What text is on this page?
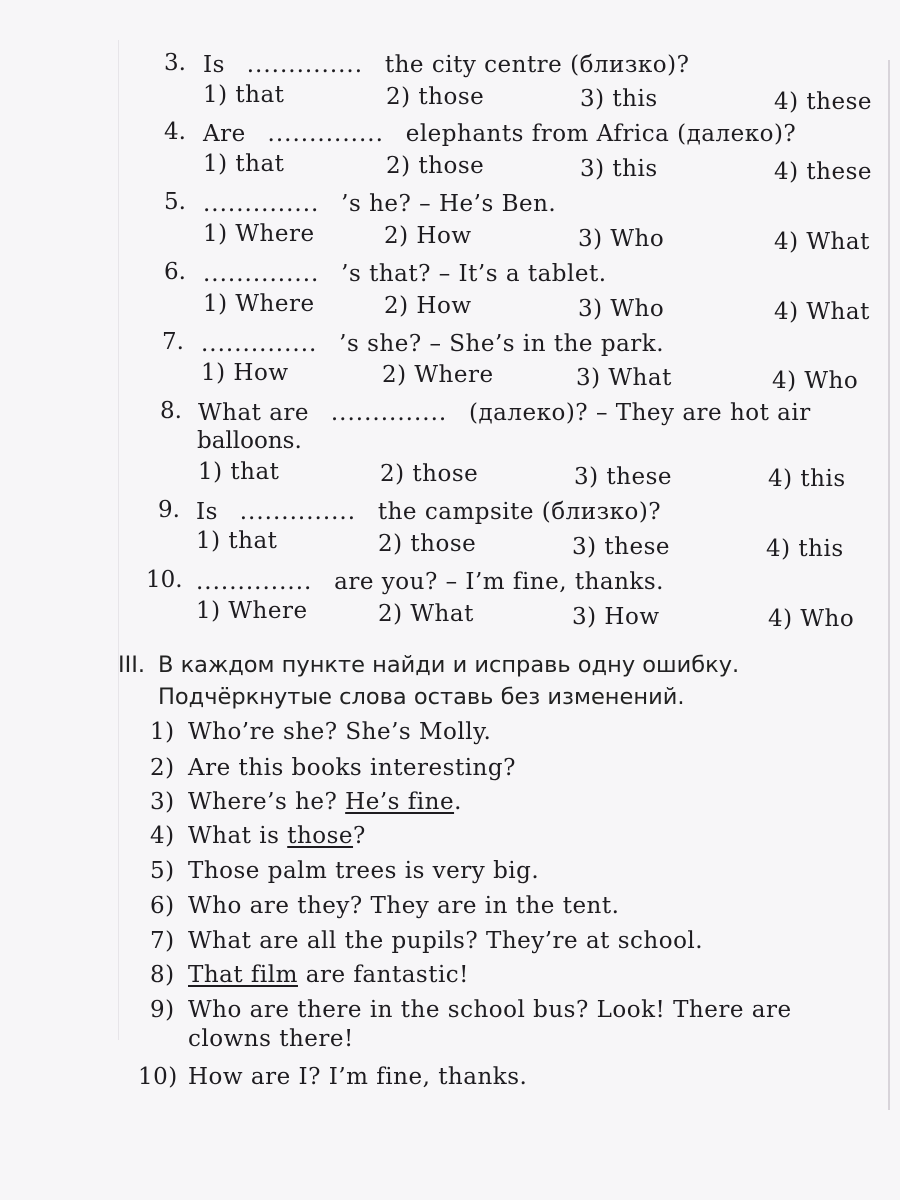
3. Is .............. the city centre (близко)?
1) that	2) those	3) this	4) these
4. Are .............. elephants from Africa (далеко)?
1) that	2) those	3) this	4) these
5. .............. ’s he? – He’s Ben.
1) Where	2) How	3) Who	4) What
6. .............. ’s that? – It’s a tablet.
1) Where	2) How	3) Who	4) What
7. .............. ’s she? – She’s in the park.
1) How	2) Where	3) What	4) Who
8. What are .............. (далеко)? – They are hot air
balloons.
1) that	2) those	3) these	4) this
9. Is .............. the campsite (близко)?
1) that	2) those	3) these	4) this
10. .............. are you? – I’m fine, thanks.
1) Where	2) What	3) How	4) Who
III. В каждом пункте найди и исправь одну ошибку.
Подчёркнутые слова оставь без изменений.
1) Who’re she? She’s Molly.
2) Are this books interesting?
3) Where’s he? He’s fine.
4) What is those?
5) Those palm trees is very big.
6) Who are they? They are in the tent.
7) What are all the pupils? They’re at school.
8) That film are fantastic!
9) Who are there in the school bus? Look! There are
clowns there!
10) How are I? I’m fine, thanks.
